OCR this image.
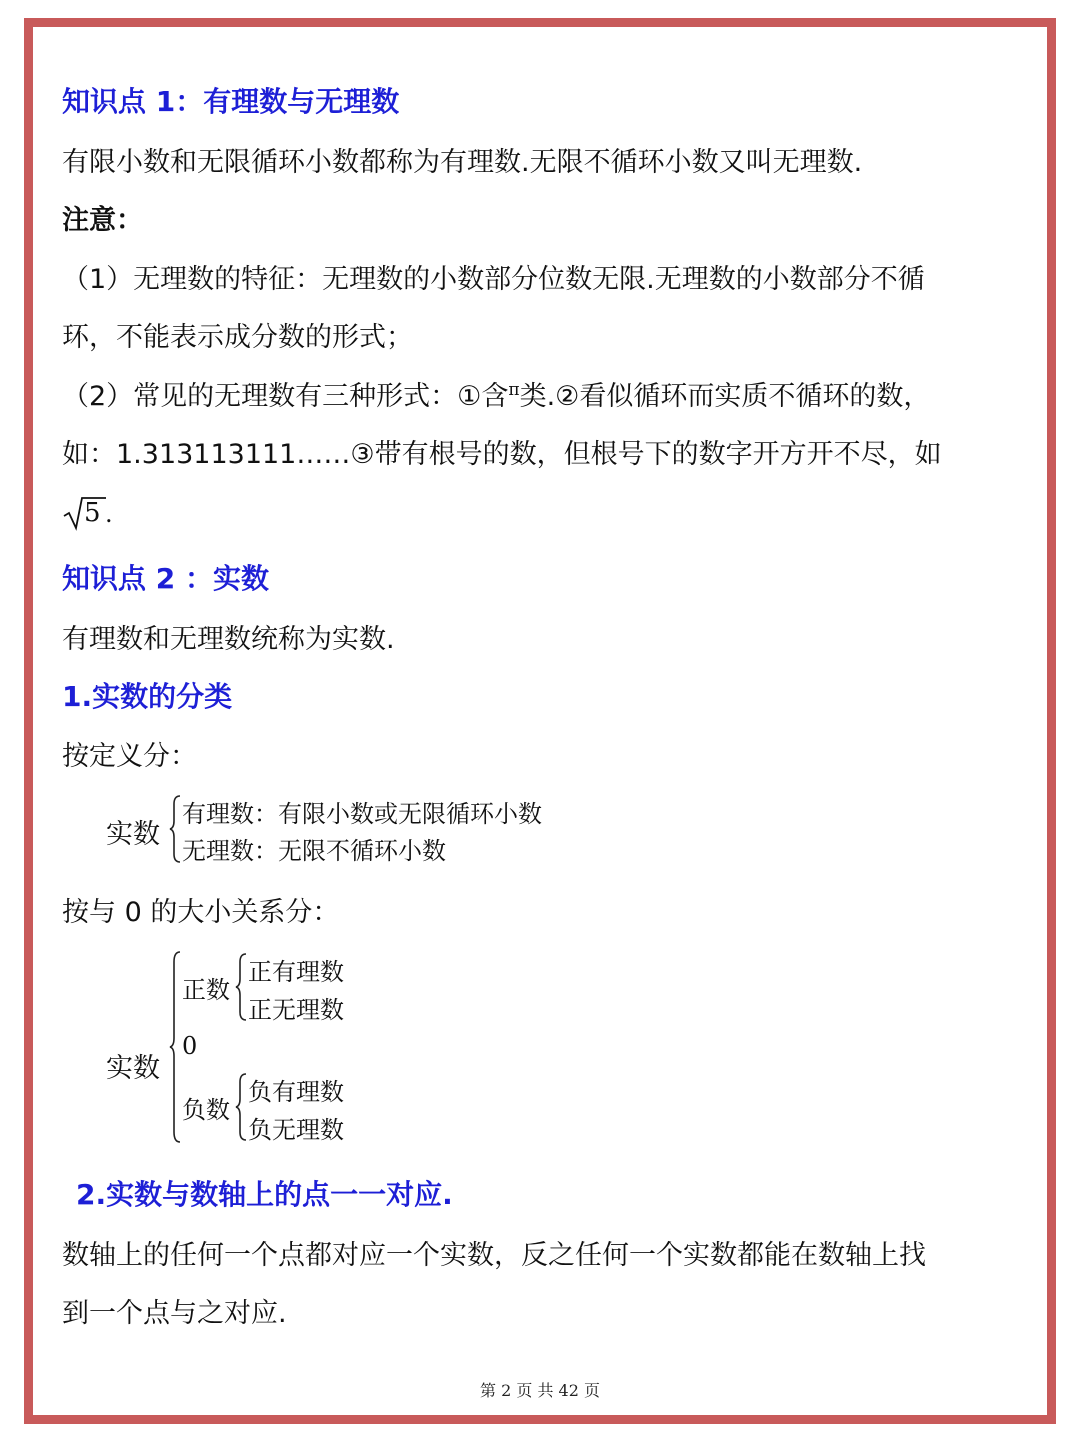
知识点 1：有理数与无理数
有限小数和无限循环小数都称为有理数.无限不循环小数又叫无理数.
注意：
（1）无理数的特征：无理数的小数部分位数无限.无理数的小数部分不循
环，不能表示成分数的形式；
（2）常见的无理数有三种形式：①含$^\pi$类.②看似循环而实质不循环的数，
如：1.313113111……③带有根号的数，但根号下的数字开方开不尽，如
5 .
知识点 2 ：实数
有理数和无理数统称为实数.
1.实数的分类
按定义分：
实数
有理数：有限小数或无限循环小数
无理数：无限不循环小数
按与 0 的大小关系分：
实数
正数
正有理数
正无理数
0
负数
负有理数
负无理数
2.实数与数轴上的点一一对应.
数轴上的任何一个点都对应一个实数，反之任何一个实数都能在数轴上找
到一个点与之对应.
第 2 页 共 42 页
